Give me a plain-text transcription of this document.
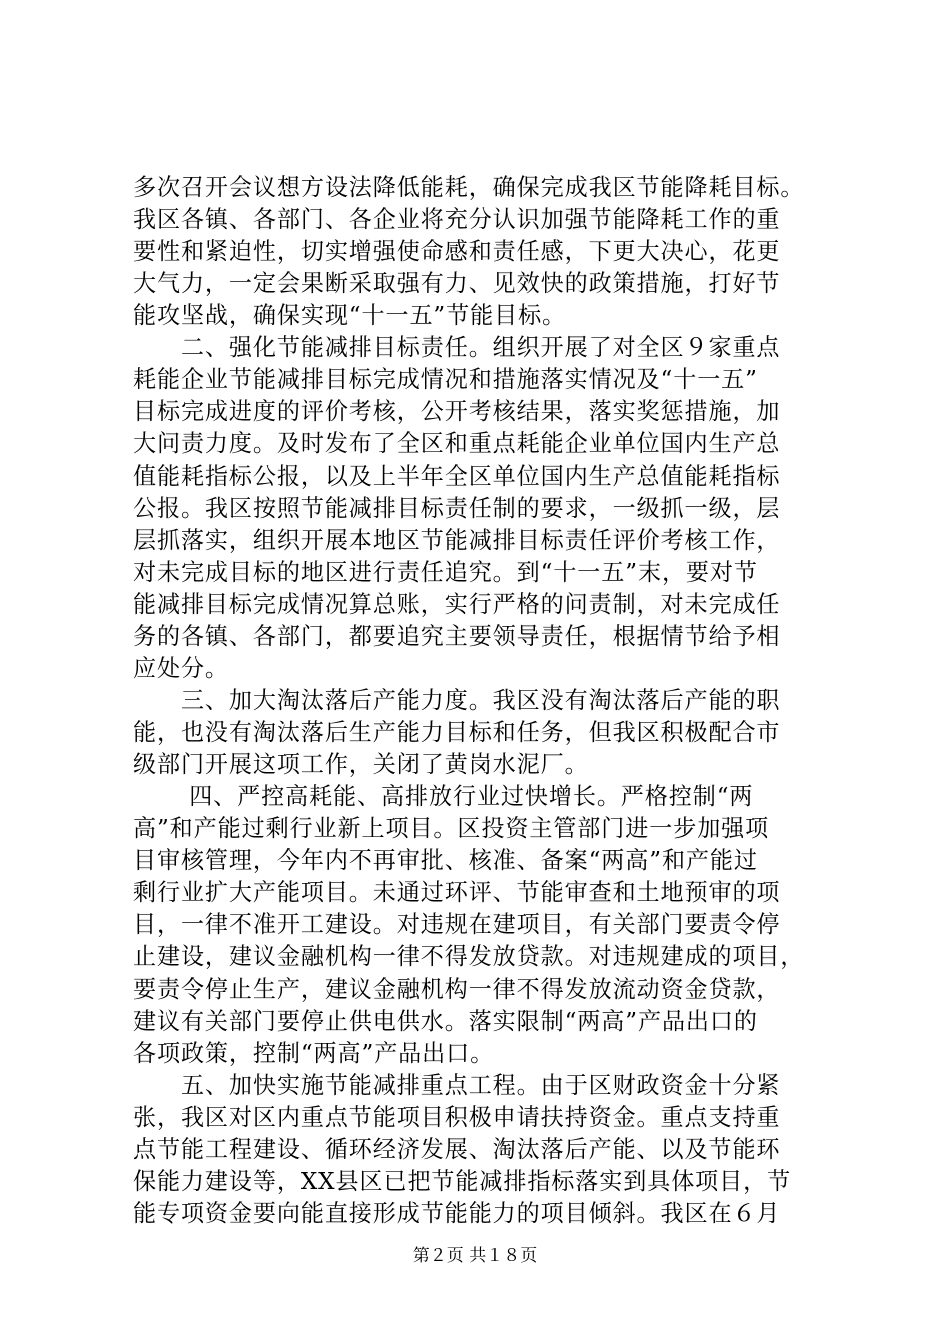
多次召开会议想方设法降低能耗，确保完成我区节能降耗目标。
我区各镇、各部门、各企业将充分认识加强节能降耗工作的重
要性和紧迫性，切实增强使命感和责任感，下更大决心，花更
大气力，一定会果断采取强有力、见效快的政策措施，打好节
能攻坚战，确保实现“十一五”节能目标。
　　二、强化节能减排目标责任。组织开展了对全区９家重点
耗能企业节能减排目标完成情况和措施落实情况及“十一五”
目标完成进度的评价考核，公开考核结果，落实奖惩措施，加
大问责力度。及时发布了全区和重点耗能企业单位国内生产总
值能耗指标公报，以及上半年全区单位国内生产总值能耗指标
公报。我区按照节能减排目标责任制的要求，一级抓一级，层
层抓落实，组织开展本地区节能减排目标责任评价考核工作，
对未完成目标的地区进行责任追究。到“十一五”末，要对节
能减排目标完成情况算总账，实行严格的问责制，对未完成任
务的各镇、各部门，都要追究主要领导责任，根据情节给予相
应处分。
　　三、加大淘汰落后产能力度。我区没有淘汰落后产能的职
能，也没有淘汰落后生产能力目标和任务，但我区积极配合市
级部门开展这项工作，关闭了黄岗水泥厂。
　　 四、严控高耗能、高排放行业过快增长。严格控制“两
高”和产能过剩行业新上项目。区投资主管部门进一步加强项
目审核管理，今年内不再审批、核准、备案“两高”和产能过
剩行业扩大产能项目。未通过环评、节能审查和土地预审的项
目，一律不准开工建设。对违规在建项目，有关部门要责令停
止建设，建议金融机构一律不得发放贷款。对违规建成的项目，
要责令停止生产，建议金融机构一律不得发放流动资金贷款，
建议有关部门要停止供电供水。落实限制“两高”产品出口的
各项政策，控制“两高”产品出口。
　　五、加快实施节能减排重点工程。由于区财政资金十分紧
第２页 共１８页
张，我区对区内重点节能项目积极申请扶持资金。重点支持重
点节能工程建设、循环经济发展、淘汰落后产能、以及节能环
保能力建设等，XX县区已把节能减排指标落实到具体项目，节
能专项资金要向能直接形成节能能力的项目倾斜。我区在６月
